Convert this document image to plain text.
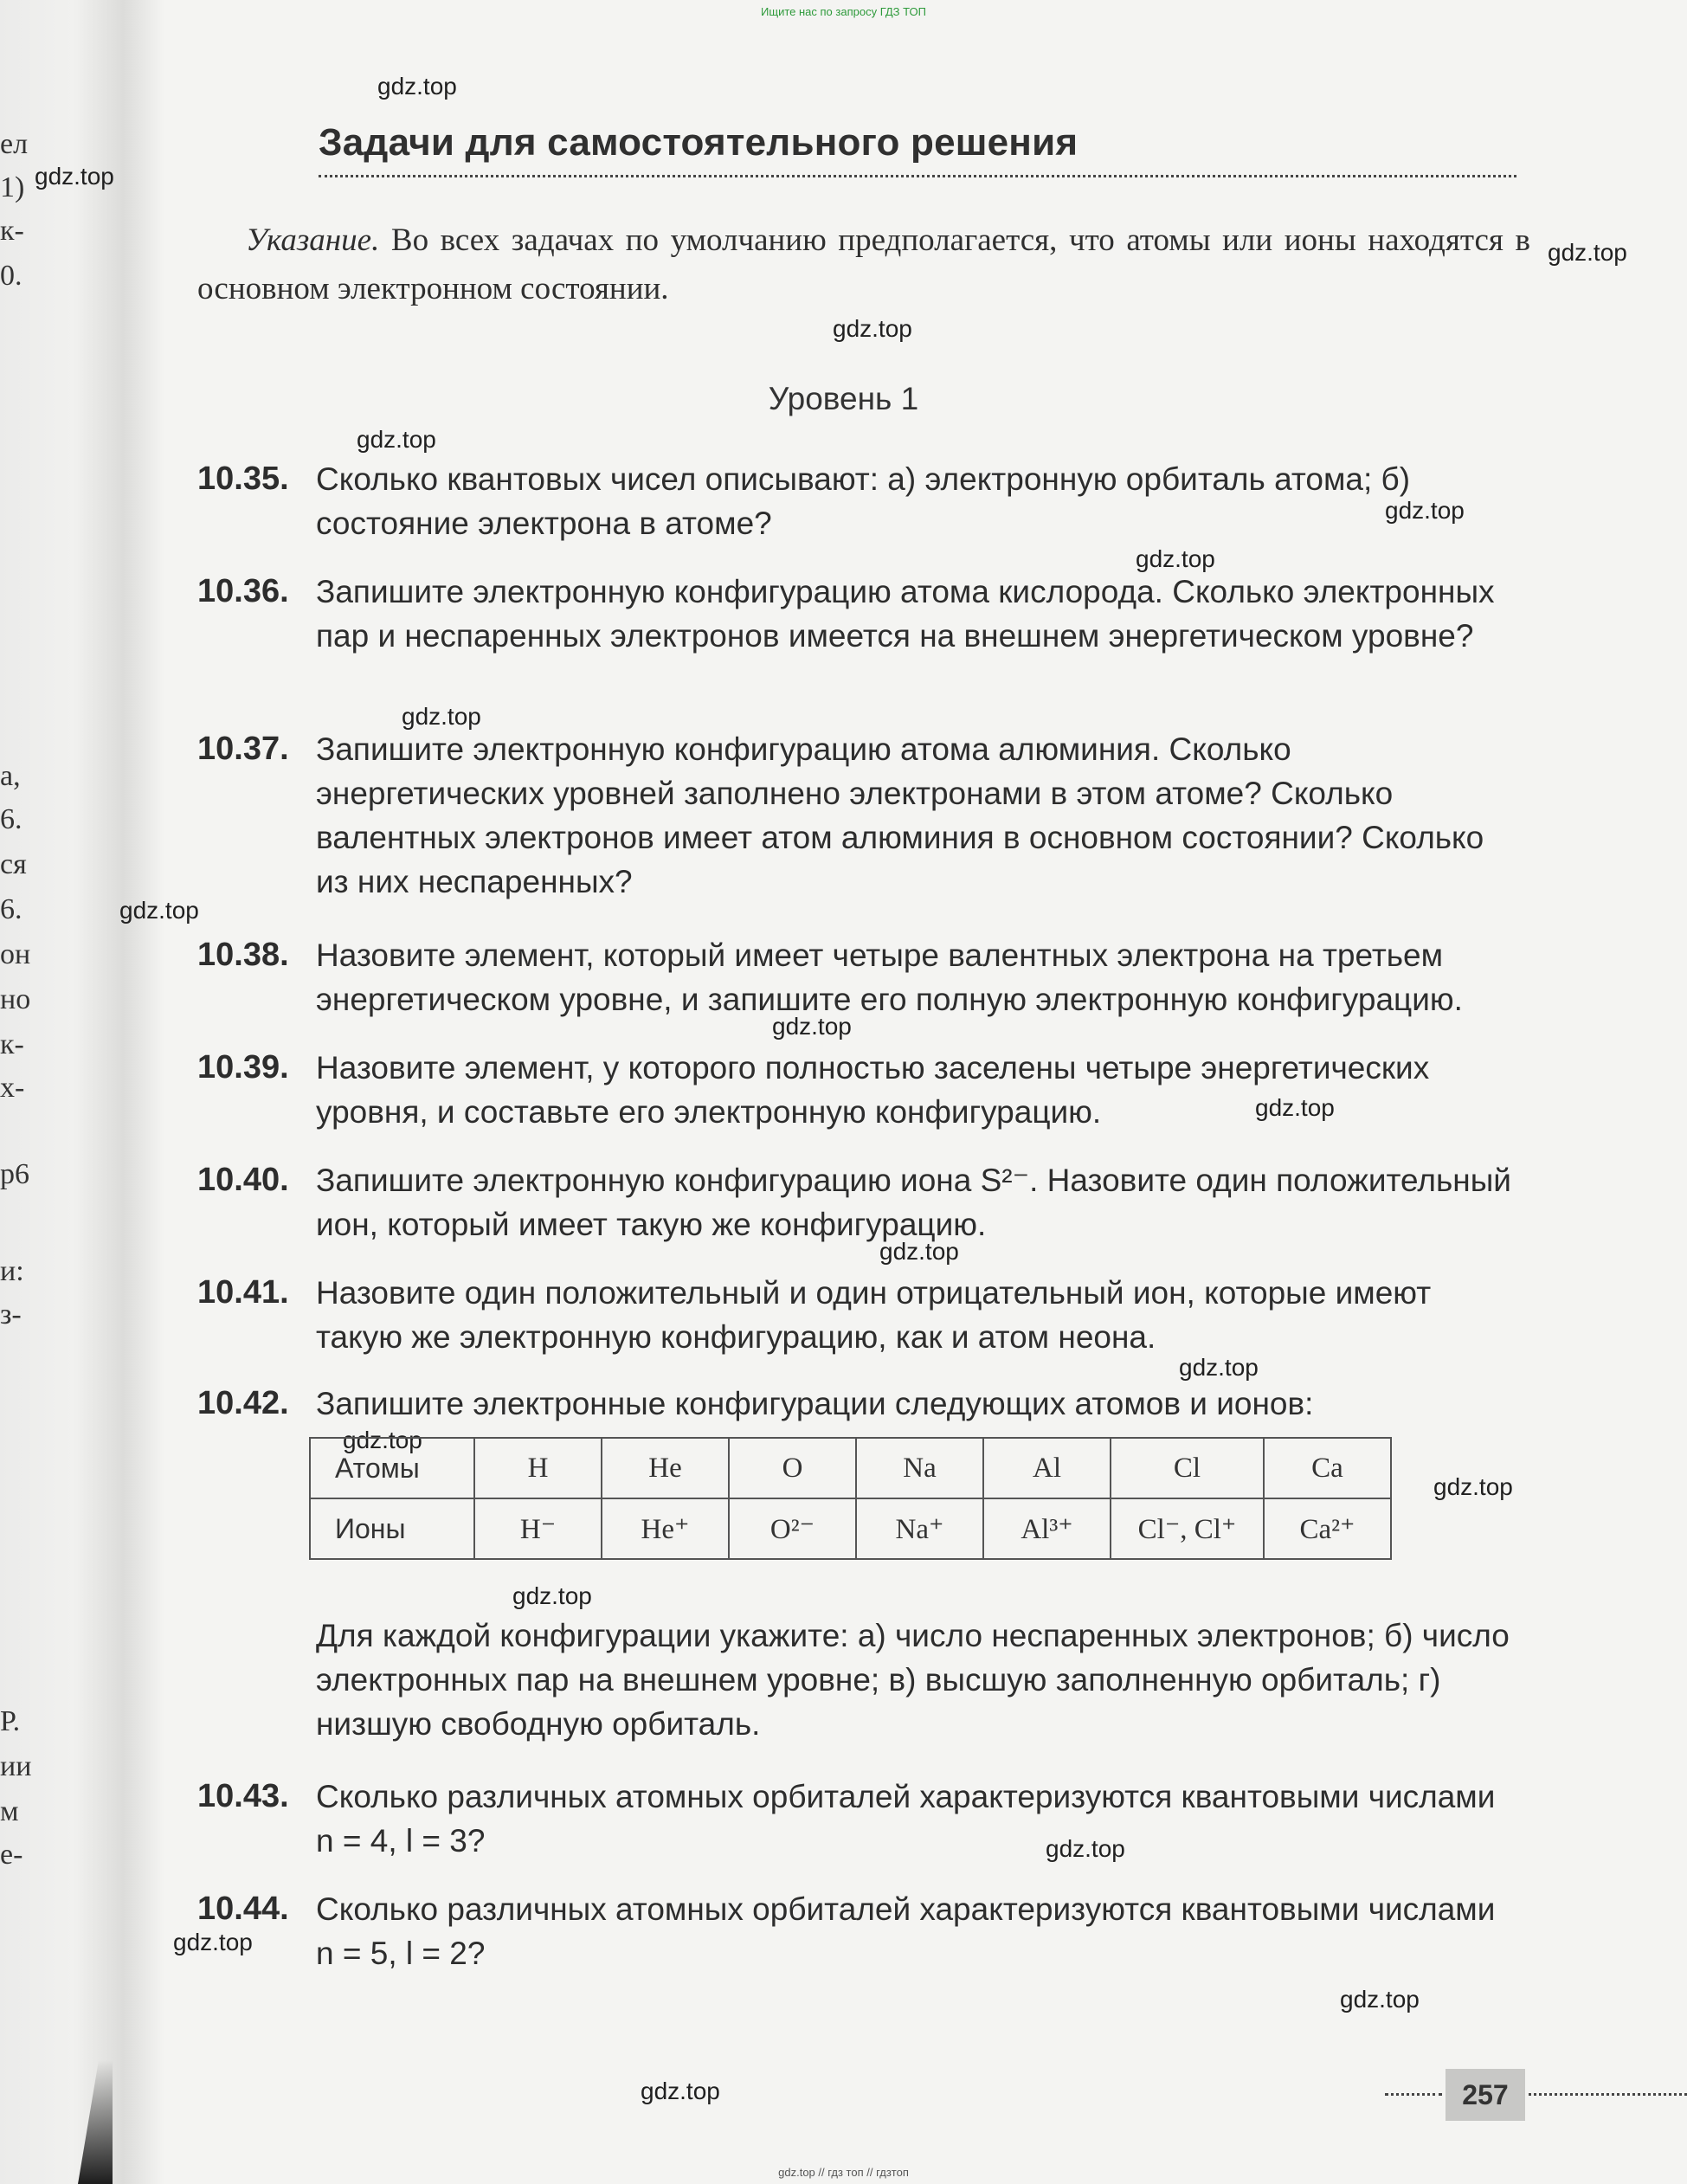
Ищите нас по запросу ГДЗ ТОП
ел
1)
к-
0.
а,
6.
ся
6.
он
но
к-
х-
р6
и:
з-
Р.
ии
м
е-
gdz.top
gdz.top
gdz.top
gdz.top
gdz.top
gdz.top
gdz.top
gdz.top
gdz.top
gdz.top
gdz.top
gdz.top
gdz.top
gdz.top
gdz.top
gdz.top
gdz.top
gdz.top
gdz.top
gdz.top
Задачи для самостоятельного решения
Указание. Во всех задачах по умолчанию предполагается, что атомы или ионы находятся в основном электронном состоянии.
Уровень 1
10.35. Сколько квантовых чисел описывают: а) электронную орбиталь атома; б) состояние электрона в атоме?
10.36. Запишите электронную конфигурацию атома кислорода. Сколько электронных пар и неспаренных электронов имеется на внешнем энергетическом уровне?
10.37. Запишите электронную конфигурацию атома алюминия. Сколько энергетических уровней заполнено электронами в этом атоме? Сколько валентных электронов имеет атом алюминия в основном состоянии? Сколько из них неспаренных?
10.38. Назовите элемент, который имеет четыре валентных электрона на третьем энергетическом уровне, и запишите его полную электронную конфигурацию.
10.39. Назовите элемент, у которого полностью заселены четыре энергетических уровня, и составьте его электронную конфигурацию.
10.40. Запишите электронную конфигурацию иона S²⁻. Назовите один положительный ион, который имеет такую же конфигурацию.
10.41. Назовите один положительный и один отрицательный ион, которые имеют такую же электронную конфигурацию, как и атом неона.
10.42. Запишите электронные конфигурации следующих атомов и ионов:
Атомы	H	He	O	Na	Al	Cl	Ca
Ионы	H⁻	He⁺	O²⁻	Na⁺	Al³⁺	Cl⁻, Cl⁺	Ca²⁺
Для каждой конфигурации укажите: а) число неспаренных электронов; б) число электронных пар на внешнем уровне; в) высшую заполненную орбиталь; г) низшую свободную орбиталь.
10.43. Сколько различных атомных орбиталей характеризуются квантовыми числами n = 4, l = 3?
10.44. Сколько различных атомных орбиталей характеризуются квантовыми числами n = 5, l = 2?
257
gdz.top // гдз топ // гдзтоп
